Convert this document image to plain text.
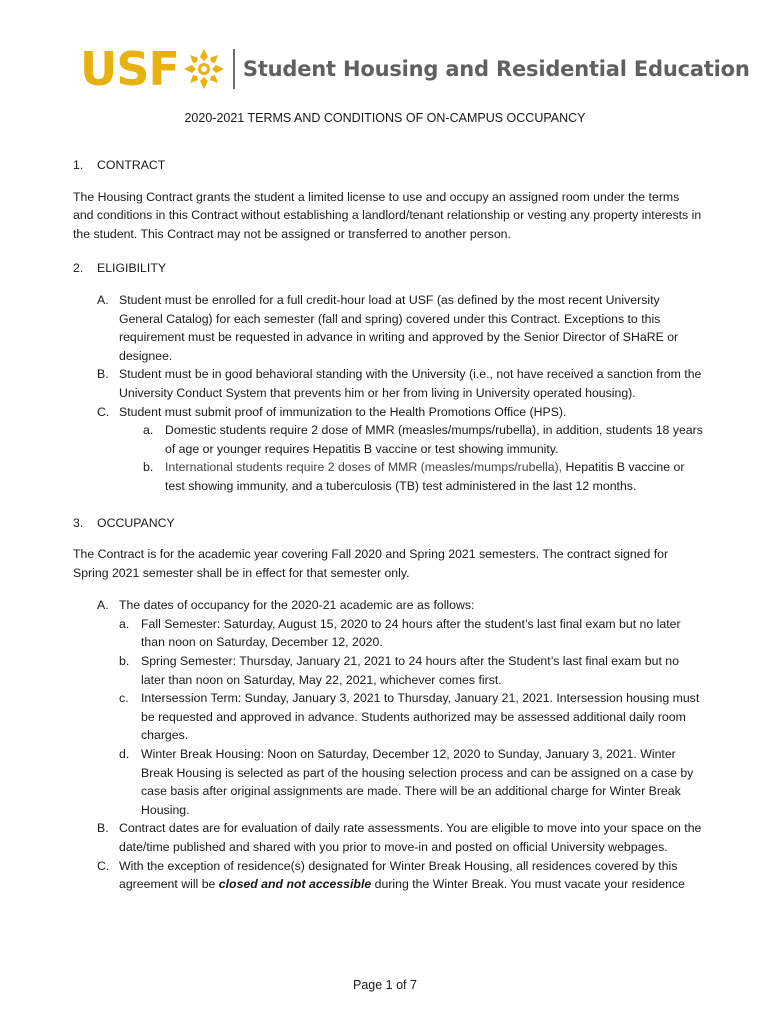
USF	Student Housing and Residential Education
2020-2021 TERMS AND CONDITIONS OF ON-CAMPUS OCCUPANCY
1.	CONTRACT

The Housing Contract grants the student a limited license to use and occupy an assigned room under the terms and conditions in this Contract without establishing a landlord/tenant relationship or vesting any property interests in the student. This Contract may not be assigned or transferred to another person.

2.	ELIGIBILITY
A. Student must be enrolled for a full credit-hour load at USF (as defined by the most recent University General Catalog) for each semester (fall and spring) covered under this Contract. Exceptions to this requirement must be requested in advance in writing and approved by the Senior Director of SHaRE or designee.
B. Student must be in good behavioral standing with the University (i.e., not have received a sanction from the University Conduct System that prevents him or her from living in University operated housing).
C. Student must submit proof of immunization to the Health Promotions Office (HPS).
a. Domestic students require 2 dose of MMR (measles/mumps/rubella), in addition, students 18 years of age or younger requires Hepatitis B vaccine or test showing immunity.
b. International students require 2 doses of MMR (measles/mumps/rubella), Hepatitis B vaccine or test showing immunity, and a tuberculosis (TB) test administered in the last 12 months.
3.	OCCUPANCY

The Contract is for the academic year covering Fall 2020 and Spring 2021 semesters. The contract signed for Spring 2021 semester shall be in effect for that semester only.

A. The dates of occupancy for the 2020-21 academic are as follows:
a. Fall Semester: Saturday, August 15, 2020 to 24 hours after the student’s last final exam but no later than noon on Saturday, December 12, 2020.
b. Spring Semester: Thursday, January 21, 2021 to 24 hours after the Student’s last final exam but no later than noon on Saturday, May 22, 2021, whichever comes first.
c.	Intersession Term: Sunday, January 3, 2021 to Thursday, January 21, 2021. Intersession housing must be requested and approved in advance. Students authorized may be assessed additional daily room charges.
d. Winter Break Housing: Noon on Saturday, December 12, 2020 to Sunday, January 3, 2021. Winter Break Housing is selected as part of the housing selection process and can be assigned on a case by case basis after original assignments are made. There will be an additional charge for Winter Break Housing.
B. Contract dates are for evaluation of daily rate assessments. You are eligible to move into your space on the date/time published and shared with you prior to move-in and posted on official University webpages.
C. With the exception of residence(s) designated for Winter Break Housing, all residences covered by this agreement will be closed and not accessible during the Winter Break. You must vacate your residence
Page 1 of 7
